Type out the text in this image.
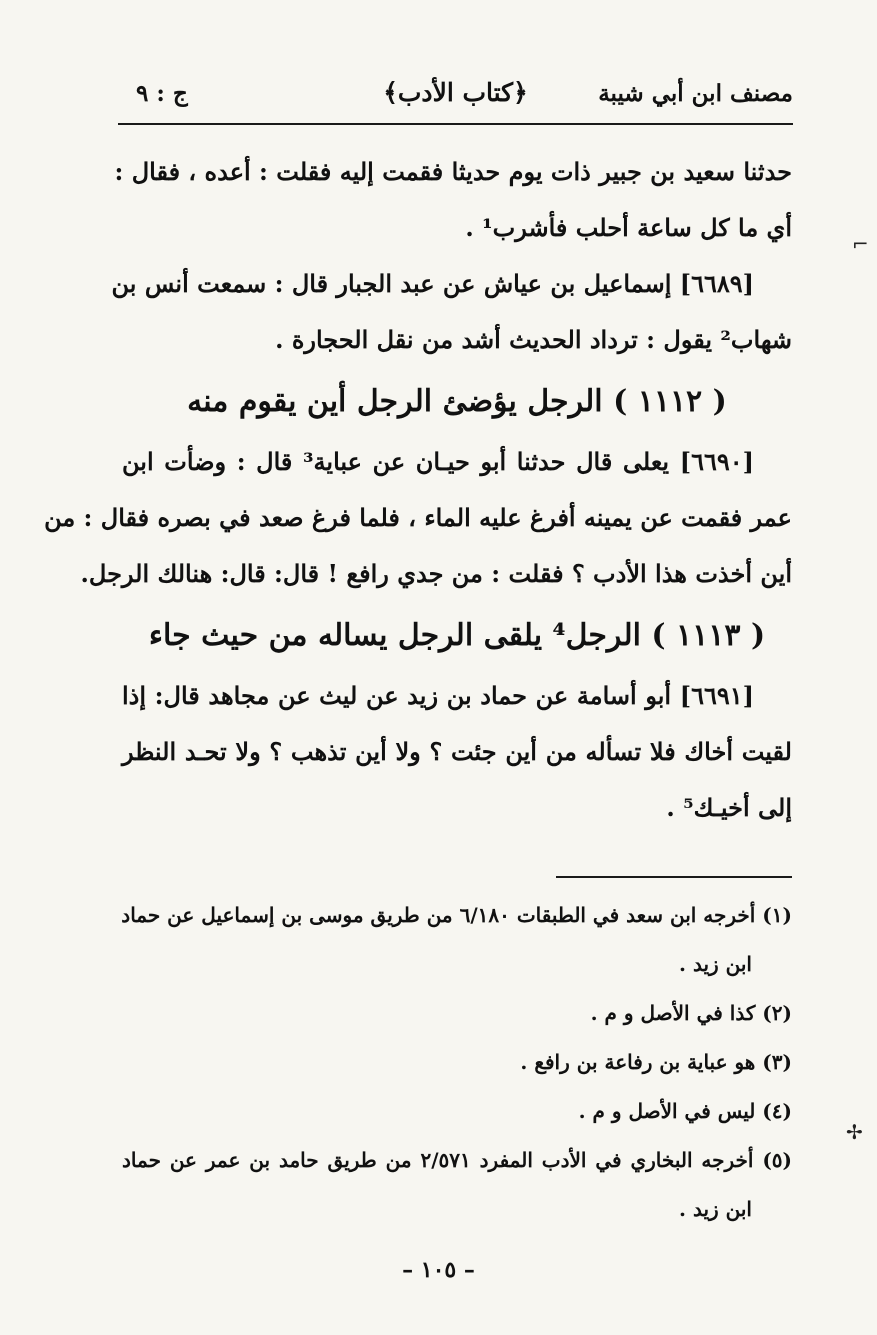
مصنف ابن أبي شيبة
﴿كتاب الأدب﴾
ج : ٩
حدثنا سعيد بن جبير ذات يوم حديثا فقمت إليه فقلت : أعده ، فقال :
أي ما كل ساعة أحلب فأشرب¹ .
[٦٦٨٩] إسماعيل بن عياش عن عبد الجبار قال : سمعت أنس بن
شهاب² يقول : ترداد الحديث أشد من نقل الحجارة .
( ١١١٢ ) الرجل يؤضئ الرجل أين يقوم منه
[٦٦٩٠] يعلى قال حدثنا أبو حيـان عن عباية³ قال : وضأت ابن
عمر فقمت عن يمينه أفرغ عليه الماء ، فلما فرغ صعد في بصره فقال : من
أين أخذت هذا الأدب ؟ فقلت : من جدي رافع ! قال: قال: هنالك الرجل.
( ١١١٣ ) الرجل⁴ يلقى الرجل يساله من حيث جاء
[٦٦٩١] أبو أسامة عن حماد بن زيد عن ليث عن مجاهد قال: إذا
لقيت أخاك فلا تسأله من أين جئت ؟ ولا أين تذهب ؟ ولا تحـد النظر
إلى أخيـك⁵ .
(١) أخرجه ابن سعد في الطبقات ٦/١٨٠ من طريق موسى بن إسماعيل عن حماد
ابن زيد .
(٢) كذا في الأصل و م .
(٣) هو عباية بن رفاعة بن رافع .
(٤) ليس في الأصل و م .
(٥) أخرجه البخاري في الأدب المفرد ٢/٥٧١ من طريق حامد بن عمر عن حماد
ابن زيد .
– ١٠٥ –
⌐
✢
